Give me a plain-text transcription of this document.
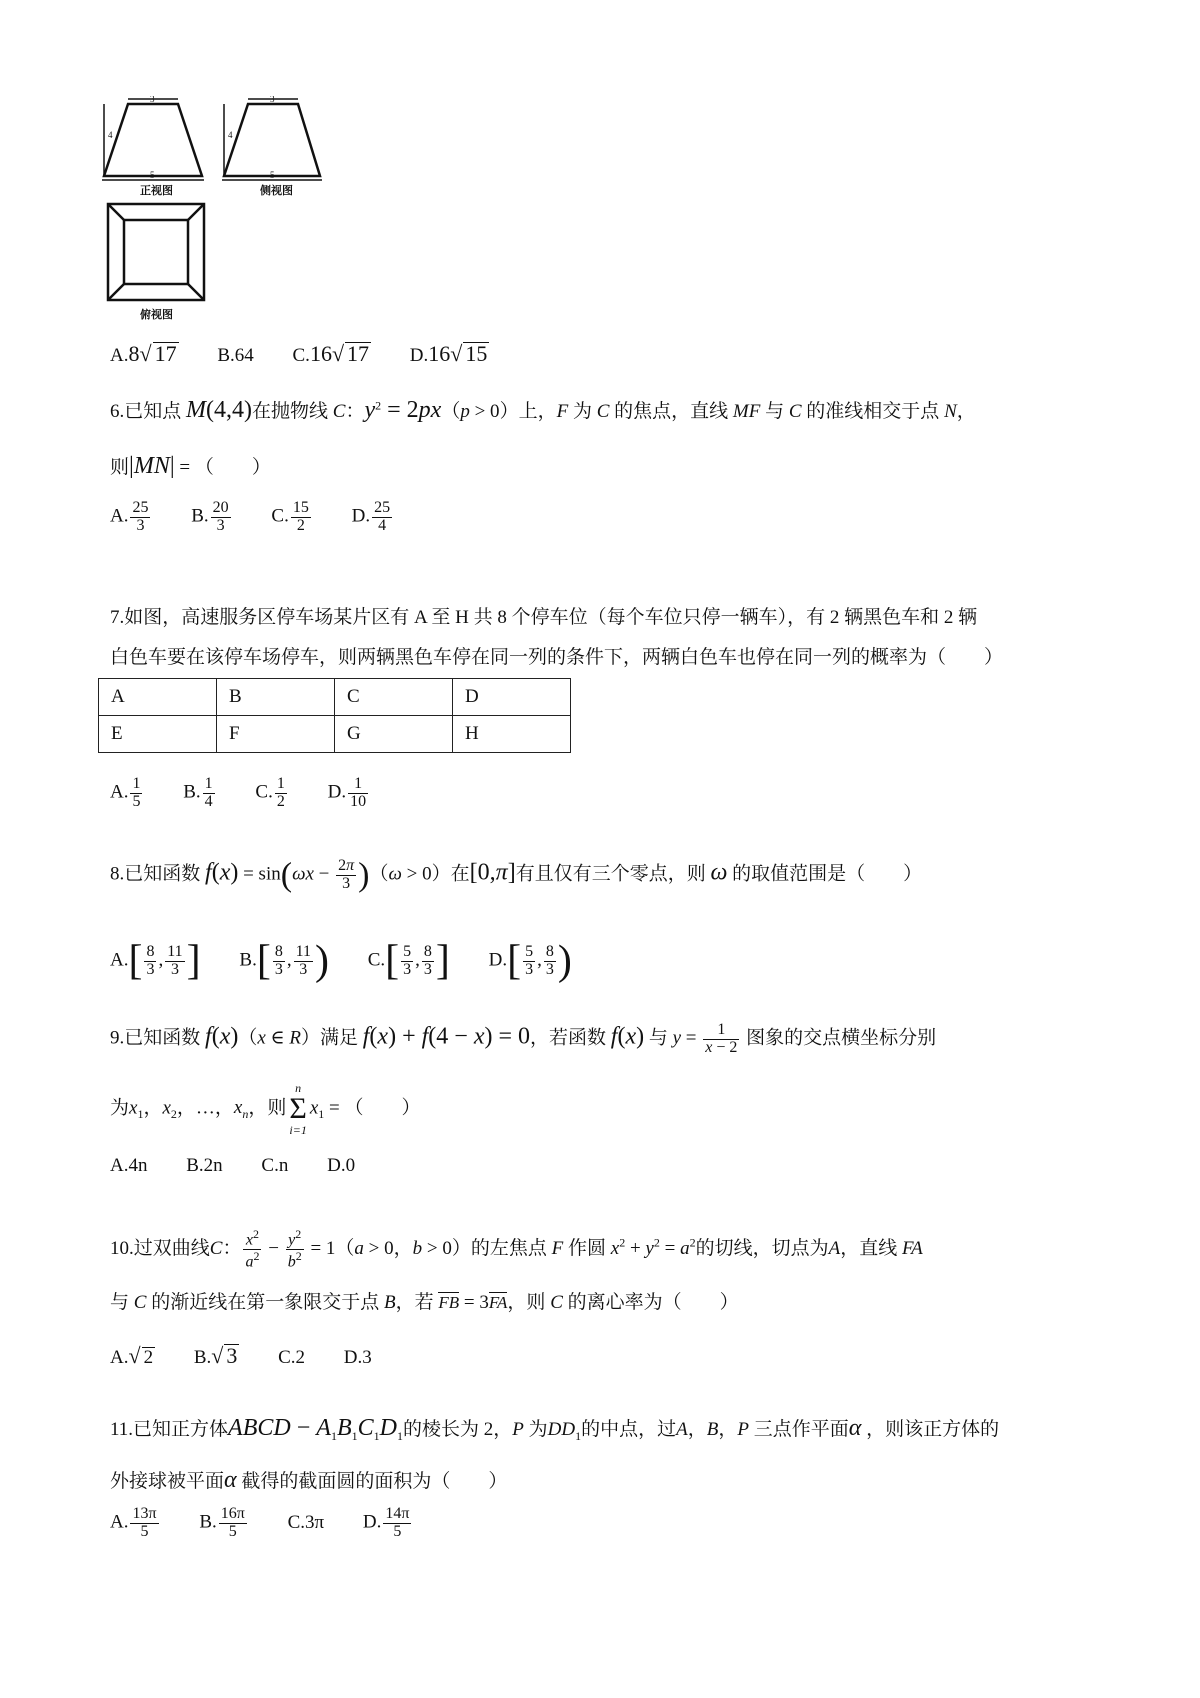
3
4
5
正视图
3
4
5
侧视图
俯视图
A.8√ 17 B.64 C.16√ 17 D.16√ 15
6.已知点 M(4,4)在抛物线 C：$y^2 = 2px(p > 0)$上，F 为 C 的焦点，直线 MF 与 C 的准线相交于点 N，
则|MN| = （　　）
A. $\frac{25}{3} B$. $\frac{20}{3} C$. $\frac{15}{2} D$. $\frac{25}{4}$
7.如图，高速服务区停车场某片区有 A 至 H 共 8 个停车位（每个车位只停一辆车），有 2 辆黑色车和 2 辆
白色车要在该停车场停车，则两辆黑色车停在同一列的条件下，两辆白色车也停在同一列的概率为（　　）
A	B	C	D
E	F	G	H
A. $\frac{1}{5} B$. $\frac{1}{4} C$. $\frac{1}{2} D$. $\frac{1}{10}$
8.已知函数 $f(x) = \sin(\omega x - \frac{2\pi}{3} )(\omega > 0)$在[0,π]有且仅有三个零点，则 ω 的取值范围是（　　）
$A.[ \frac{8}{3}$ , $\frac{11}{3}$ ] $B.[ \frac{8}{3}$ , $\frac{11}{3}$ ) $C.[ \frac{5}{3}$ , $\frac{8}{3}$ ] $D.[ \frac{5}{3}$ , $\frac{8}{3}$ )
9.已知函数 f(x)（x ∈ R）满足 f(x) + f(4 − x) = 0，若函数 f(x) 与 $y = \frac{1}{x - 2}$ 图象的交点横坐标分别
为$x_1$，$x_2$，…，$x_n$，则
n
Σ
i=1
$x_1$ = （　　）
A.4n B.2n C.n D.0
10.过双曲线C： $\frac{x^2}{a^2} - \frac{y^2}{b^2} = 1(a > 0$，b > 0）的左焦点 F 作圆 $x^2 + y^2 = a^2$的切线，切点为A，直线 FA
与 C 的渐近线在第一象限交于点 B，若 FB = 3FA，则 C 的离心率为（　　）
A.√ 2 B.√ 3 C.2 D.3
11.已知正方体ABCD − $A_1B_1C_1D_1$的棱长为 2，P 为$DD_1$的中点，过A，B，P 三点作平面α ，则该正方体的
外接球被平面α 截得的截面圆的面积为（　　）
A. $\frac{13\pi}{5} B$. $\frac{16\pi}{5} C.3\pi$ D. $\frac{14\pi}{5}$
